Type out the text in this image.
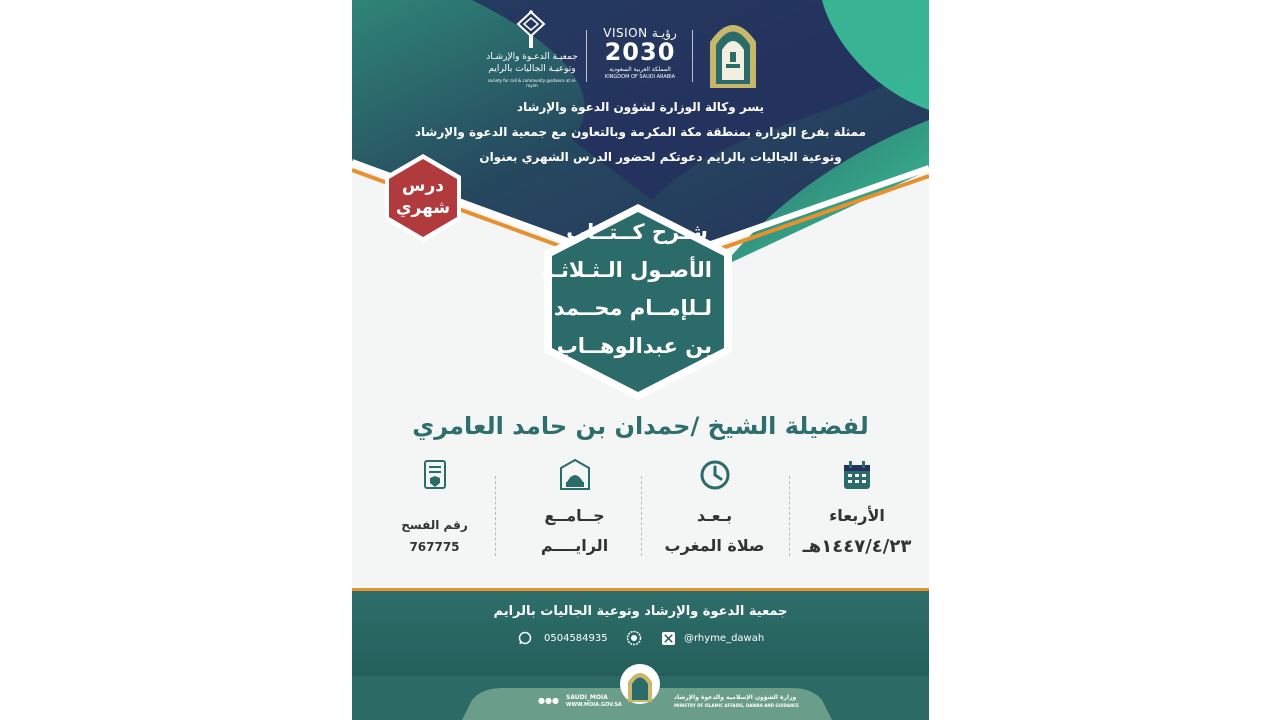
VISION رؤيـة
2030
المملكة العربية السعودية
KINGDOM OF SAUDI ARABIA
جمعيـة الدعـوة والإرشـاد
وتوعيـة الجاليات بالرايم
society for call & community guidance at al-rayim
يسر وكالة الوزارة لشؤون الدعوة والإرشاد
ممثلة بفرع الوزارة بمنطقة مكة المكرمة وبالتعاون مع جمعية الدعوة والإرشاد
وتوعية الجاليات بالرايم دعوتكم لحضور الدرس الشهري بعنوان
درس
شهري
شـرح كــتــاب
الأصـول الـثـلاثـة
لـلإمــام محــمد
بن عبدالوهــاب
لفضيلة الشيخ /حمدان بن حامد العامري
الأربعاء
١٤٤٧/٤/٢٣هـ
بـعـد
صلاة المغرب
جــامــع
الرايــــم
رقم الفسح
767775
جمعية الدعوة والإرشاد وتوعية الجاليات بالرايم
0504584935	@rhyme_dawah
SAUDI_MOIA
WWW.MOIA.GOV.SA
●●●	وزارة الشؤون الإسلامية والدعوة والإرشاد
MINISTRY OF ISLAMIC AFFAIRS, DAWAH AND GUIDANCE
